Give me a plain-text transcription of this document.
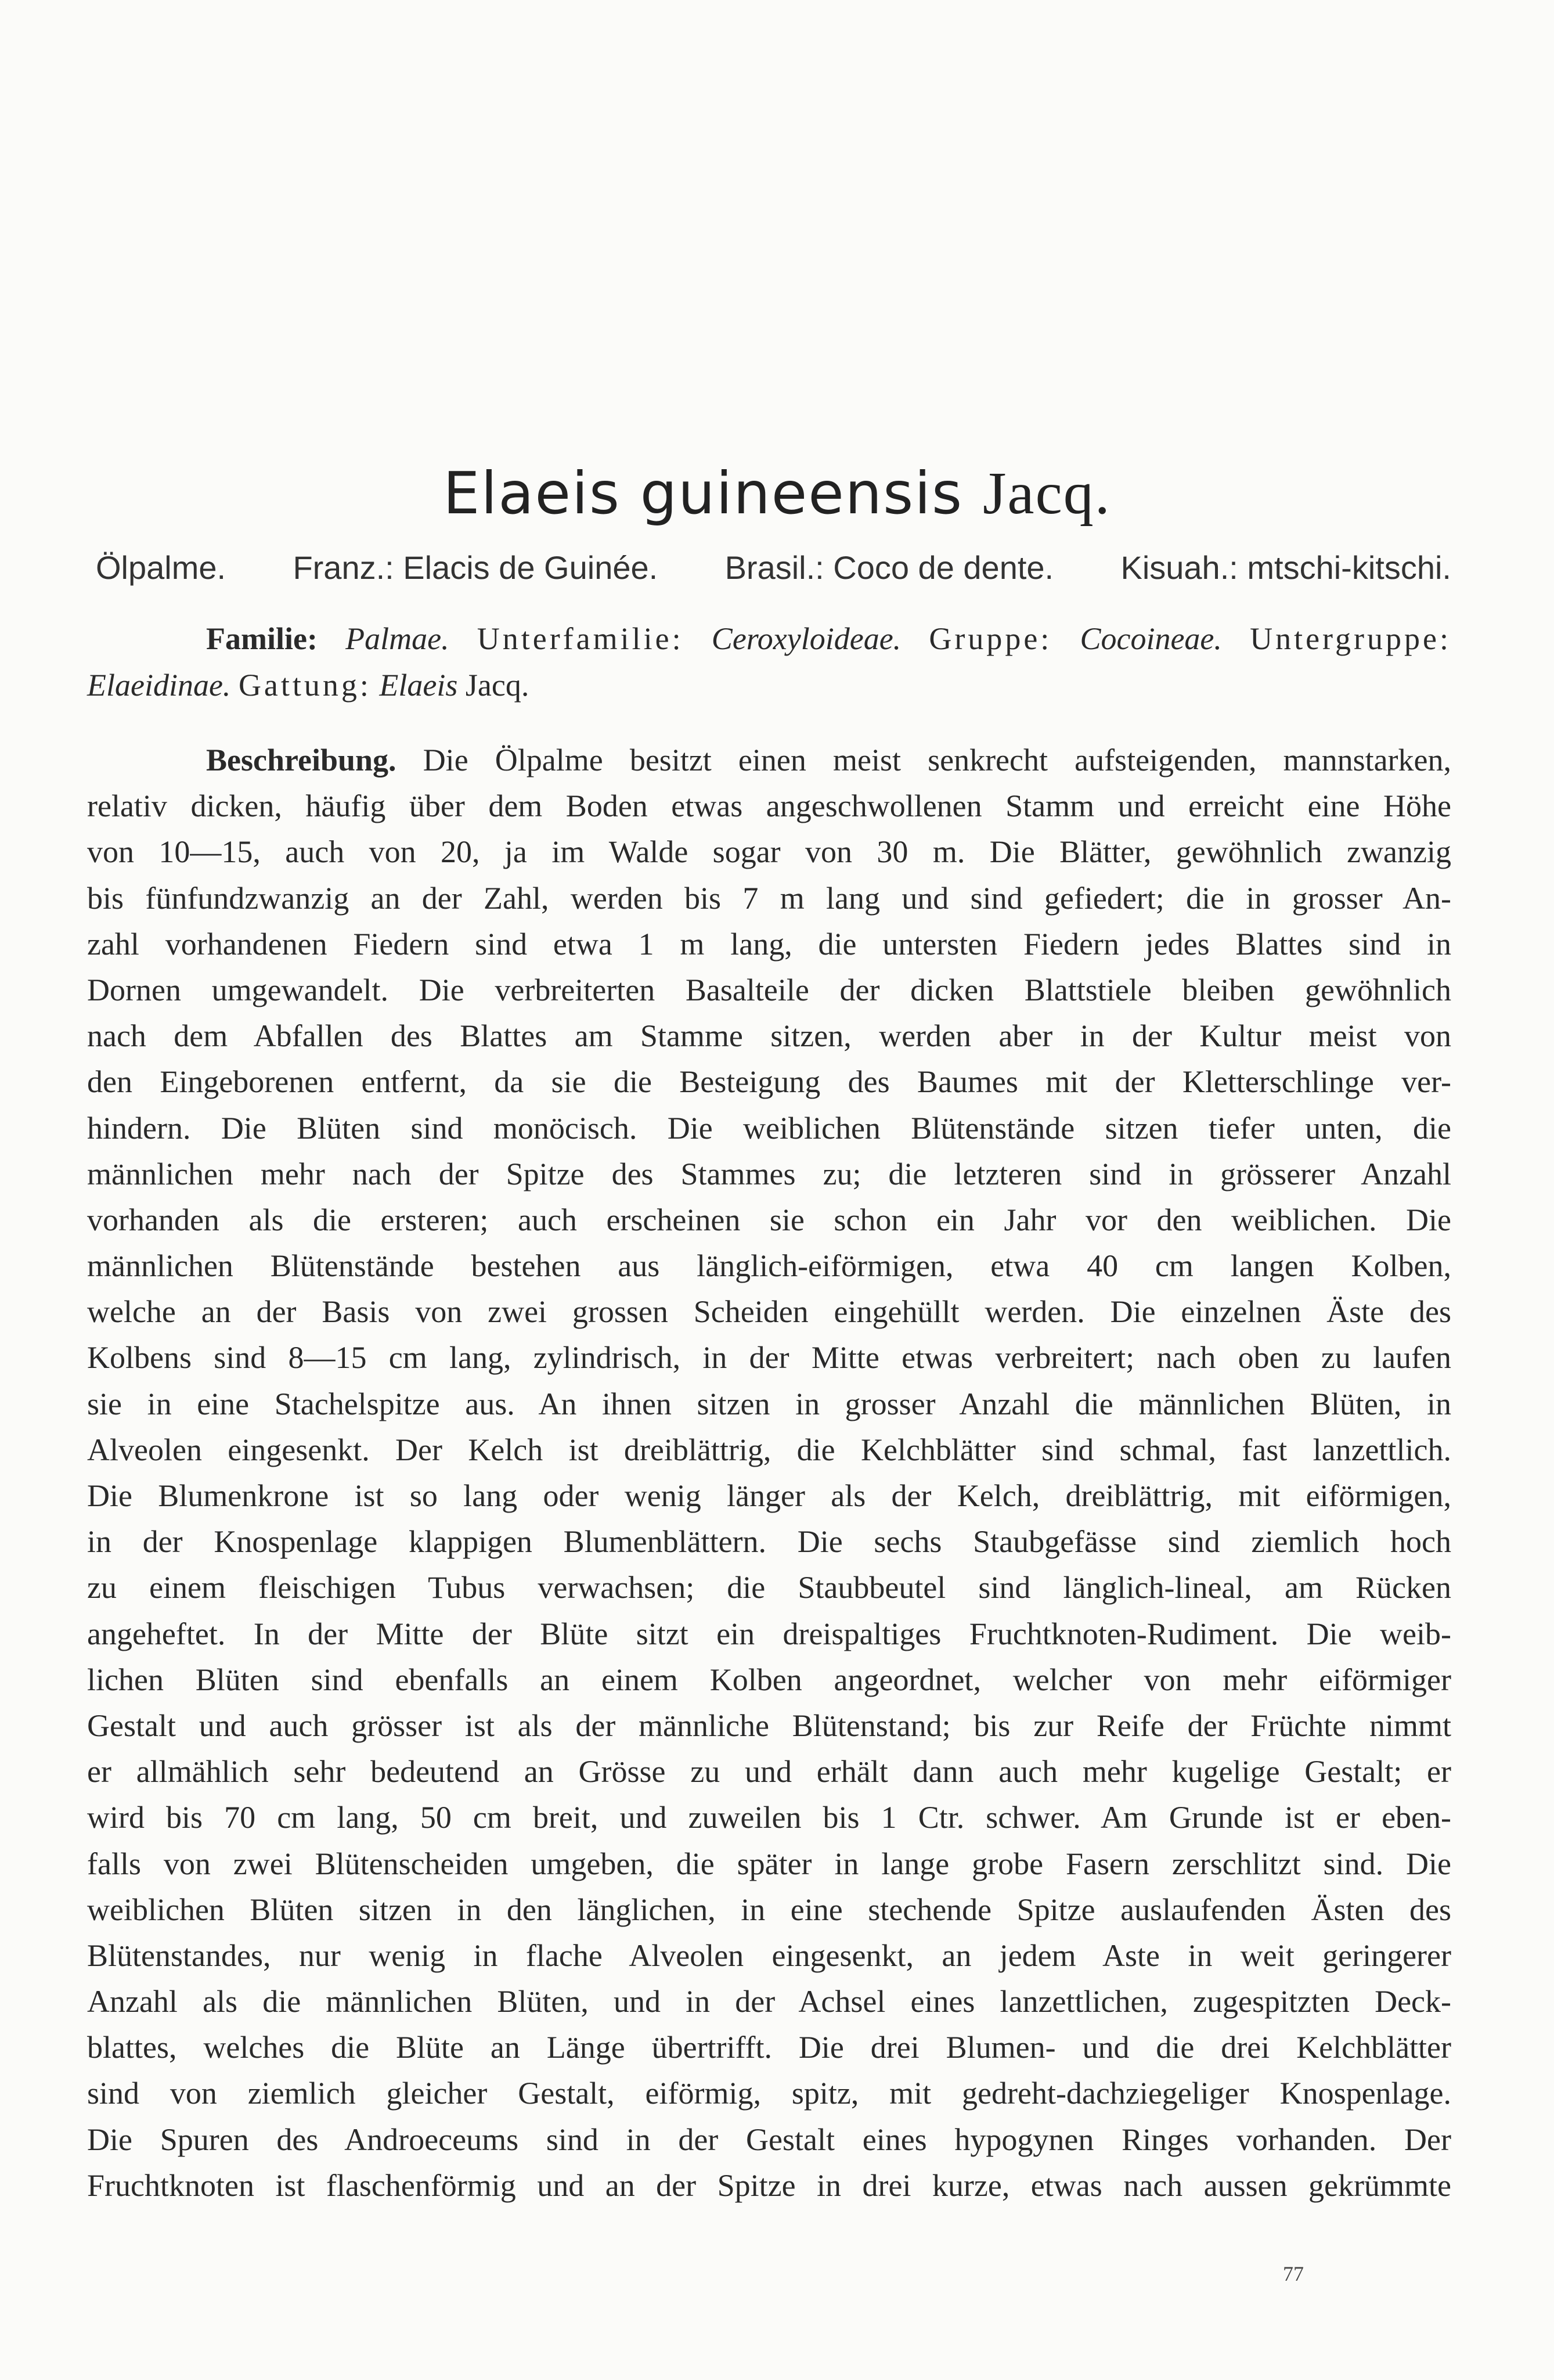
Elaeis guineensis Jacq.
Ölpalme. Franz.: Elacis de Guinée. Brasil.: Coco de dente. Kisuah.: mtschi-kitschi.
Familie: Palmae. Unterfamilie: Ceroxyloideae. Gruppe: Cocoineae. Untergruppe: Elaeidinae. Gattung: Elaeis Jacq.
Beschreibung. Die Ölpalme besitzt einen meist senkrecht aufsteigenden, mannstarken,
relativ dicken, häufig über dem Boden etwas angeschwollenen Stamm und erreicht eine Höhe
von 10—15, auch von 20, ja im Walde sogar von 30 m. Die Blätter, gewöhnlich zwanzig
bis fünfundzwanzig an der Zahl, werden bis 7 m lang und sind gefiedert; die in grosser An-
zahl vorhandenen Fiedern sind etwa 1 m lang, die untersten Fiedern jedes Blattes sind in
Dornen umgewandelt. Die verbreiterten Basalteile der dicken Blattstiele bleiben gewöhnlich
nach dem Abfallen des Blattes am Stamme sitzen, werden aber in der Kultur meist von
den Eingeborenen entfernt, da sie die Besteigung des Baumes mit der Kletterschlinge ver-
hindern. Die Blüten sind monöcisch. Die weiblichen Blütenstände sitzen tiefer unten, die
männlichen mehr nach der Spitze des Stammes zu; die letzteren sind in grösserer Anzahl
vorhanden als die ersteren; auch erscheinen sie schon ein Jahr vor den weiblichen. Die
männlichen Blütenstände bestehen aus länglich-eiförmigen, etwa 40 cm langen Kolben,
welche an der Basis von zwei grossen Scheiden eingehüllt werden. Die einzelnen Äste des
Kolbens sind 8—15 cm lang, zylindrisch, in der Mitte etwas verbreitert; nach oben zu laufen
sie in eine Stachelspitze aus. An ihnen sitzen in grosser Anzahl die männlichen Blüten, in
Alveolen eingesenkt. Der Kelch ist dreiblättrig, die Kelchblätter sind schmal, fast lanzettlich.
Die Blumenkrone ist so lang oder wenig länger als der Kelch, dreiblättrig, mit eiförmigen,
in der Knospenlage klappigen Blumenblättern. Die sechs Staubgefässe sind ziemlich hoch
zu einem fleischigen Tubus verwachsen; die Staubbeutel sind länglich-lineal, am Rücken
angeheftet. In der Mitte der Blüte sitzt ein dreispaltiges Fruchtknoten-Rudiment. Die weib-
lichen Blüten sind ebenfalls an einem Kolben angeordnet, welcher von mehr eiförmiger
Gestalt und auch grösser ist als der männliche Blütenstand; bis zur Reife der Früchte nimmt
er allmählich sehr bedeutend an Grösse zu und erhält dann auch mehr kugelige Gestalt; er
wird bis 70 cm lang, 50 cm breit, und zuweilen bis 1 Ctr. schwer. Am Grunde ist er eben-
falls von zwei Blütenscheiden umgeben, die später in lange grobe Fasern zerschlitzt sind. Die
weiblichen Blüten sitzen in den länglichen, in eine stechende Spitze auslaufenden Ästen des
Blütenstandes, nur wenig in flache Alveolen eingesenkt, an jedem Aste in weit geringerer
Anzahl als die männlichen Blüten, und in der Achsel eines lanzettlichen, zugespitzten Deck-
blattes, welches die Blüte an Länge übertrifft. Die drei Blumen- und die drei Kelchblätter
sind von ziemlich gleicher Gestalt, eiförmig, spitz, mit gedreht-dachziegeliger Knospenlage.
Die Spuren des Androeceums sind in der Gestalt eines hypogynen Ringes vorhanden. Der
Fruchtknoten ist flaschenförmig und an der Spitze in drei kurze, etwas nach aussen gekrümmte
77
